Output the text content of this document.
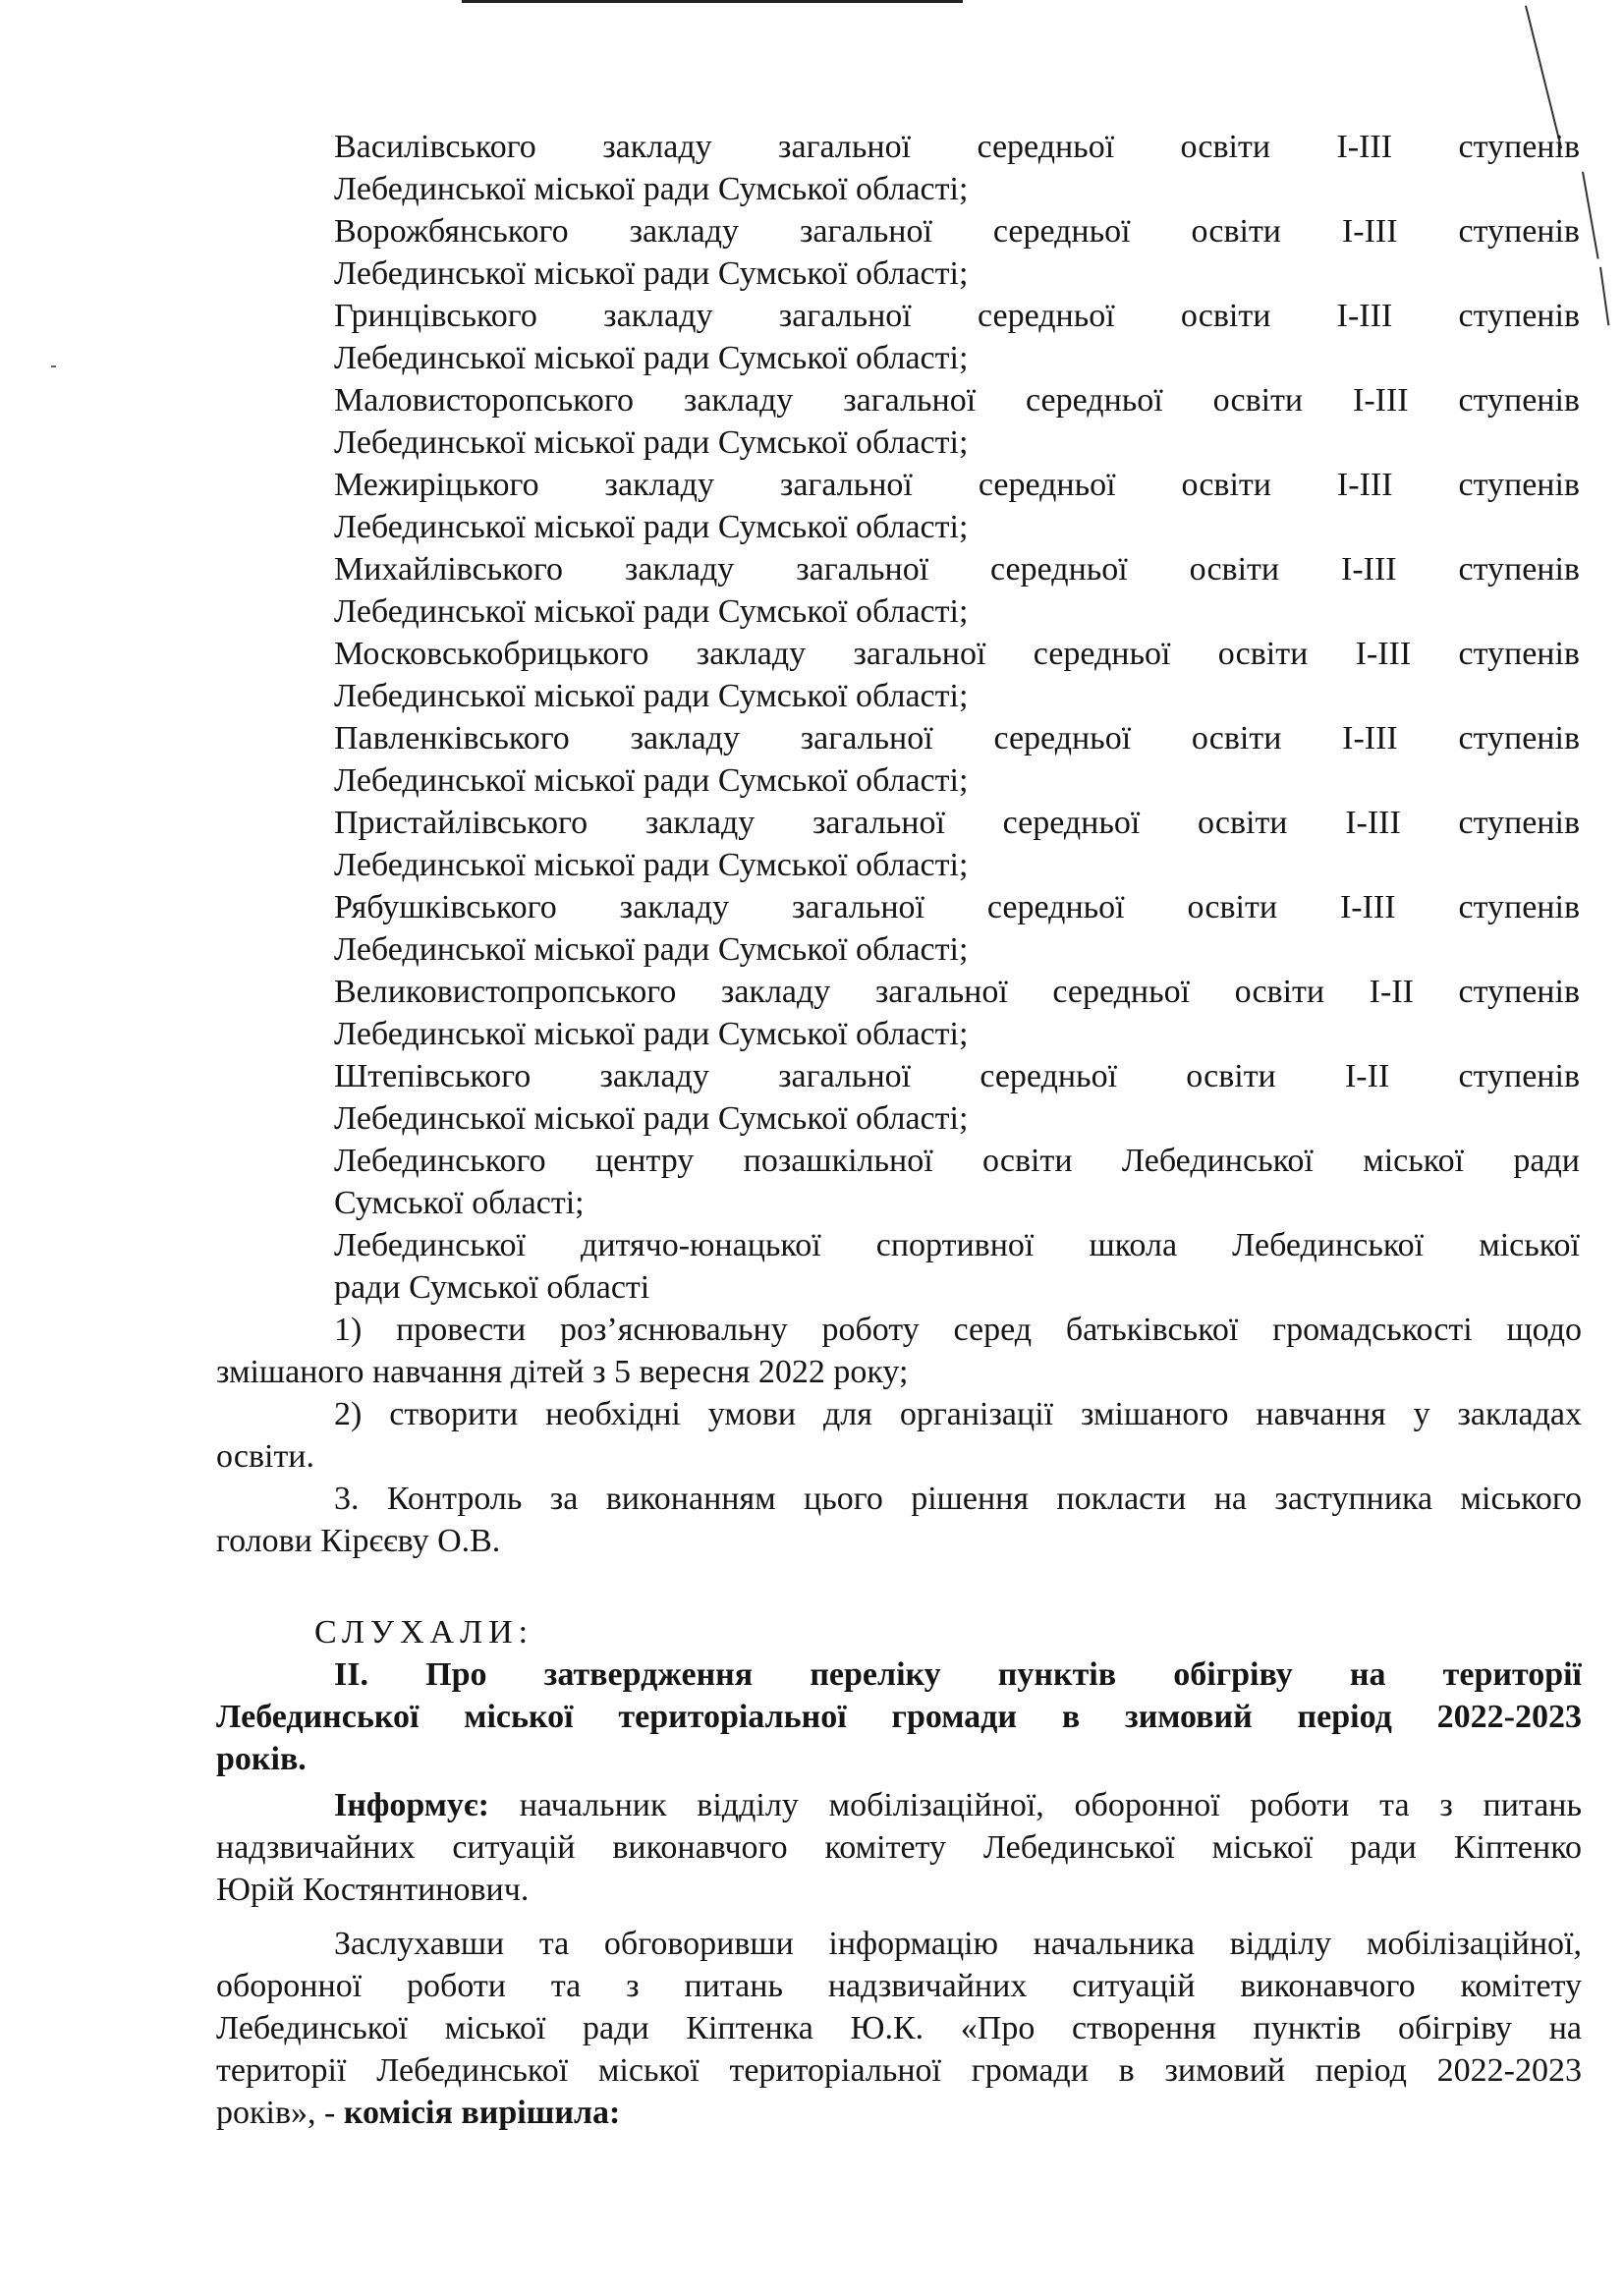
Василівського закладу загальної середньої освіти І-ІІІ ступенів
Лебединської міської ради Сумської області;
Ворожбянського закладу загальної середньої освіти І-ІІІ ступенів
Лебединської міської ради Сумської області;
Гринцівського закладу загальної середньої освіти І-ІІІ ступенів
Лебединської міської ради Сумської області;
Маловисторопського закладу загальної середньої освіти І-ІІІ ступенів
Лебединської міської ради Сумської області;
Межиріцького закладу загальної середньої освіти І-ІІІ ступенів
Лебединської міської ради Сумської області;
Михайлівського закладу загальної середньої освіти І-ІІІ ступенів
Лебединської міської ради Сумської області;
Московськобрицького закладу загальної середньої освіти І-ІІІ ступенів
Лебединської міської ради Сумської області;
Павленківського закладу загальної середньої освіти І-ІІІ ступенів
Лебединської міської ради Сумської області;
Пристайлівського закладу загальної середньої освіти І-ІІІ ступенів
Лебединської міської ради Сумської області;
Рябушківського закладу загальної середньої освіти І-ІІІ ступенів
Лебединської міської ради Сумської області;
Великовистопропського закладу загальної середньої освіти І-ІІ ступенів
Лебединської міської ради Сумської області;
Штепівського закладу загальної середньої освіти І-ІІ ступенів
Лебединської міської ради Сумської області;
Лебединського центру позашкільної освіти Лебединської міської ради
Сумської області;
Лебединської дитячо-юнацької спортивної школа Лебединської міської
ради Сумської області
1) провести роз’яснювальну роботу серед батьківської громадськості щодо
змішаного навчання дітей з 5 вересня 2022 року;
2) створити необхідні умови для організації змішаного навчання у закладах
освіти.
3. Контроль за виконанням цього рішення покласти на заступника міського
голови Кірєєву О.В.
СЛУХАЛИ:
ІІ. Про затвердження переліку пунктів обігріву на території
Лебединської міської територіальної громади в зимовий період 2022-2023
років.
Інформує: начальник відділу мобілізаційної, оборонної роботи та з питань
надзвичайних ситуацій виконавчого комітету Лебединської міської ради Кіптенко
Юрій Костянтинович.
Заслухавши та обговоривши інформацію начальника відділу мобілізаційної,
оборонної роботи та з питань надзвичайних ситуацій виконавчого комітету
Лебединської міської ради Кіптенка Ю.К. «Про створення пунктів обігріву на
території Лебединської міської територіальної громади в зимовий період 2022-2023
років», - комісія вирішила:
